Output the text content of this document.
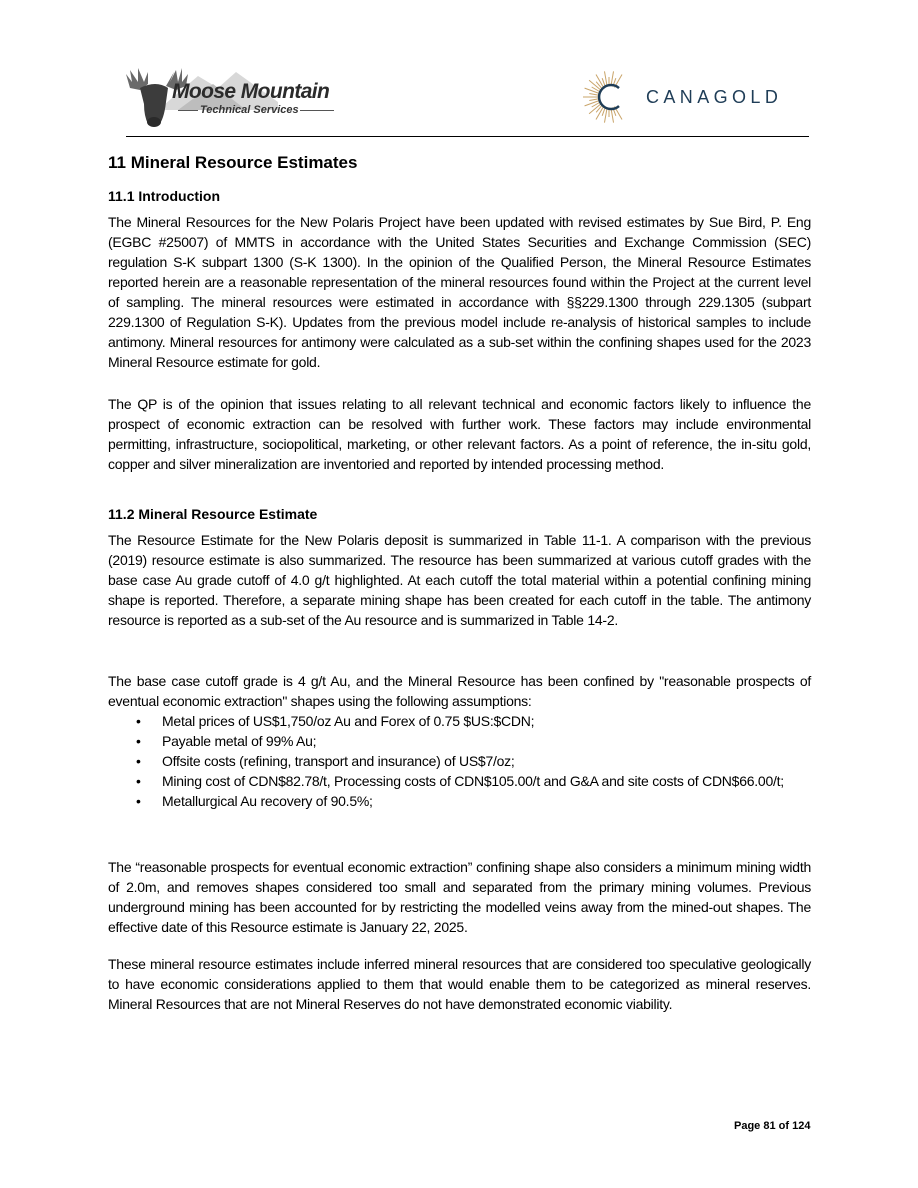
Moose Mountain
Technical Services
CANAGOLD
11 Mineral Resource Estimates
11.1 Introduction

The Mineral Resources for the New Polaris Project have been updated with revised estimates by Sue Bird, P. Eng (EGBC #25007) of MMTS in accordance with the United States Securities and Exchange Commission (SEC) regulation S-K subpart 1300 (S-K 1300). In the opinion of the Qualified Person, the Mineral Resource Estimates reported herein are a reasonable representation of the mineral resources found within the Project at the current level of sampling. The mineral resources were estimated in accordance with §§229.1300 through 229.1305 (subpart 229.1300 of Regulation S-K). Updates from the previous model include re-analysis of historical samples to include antimony. Mineral resources for antimony were calculated as a sub-set within the confining shapes used for the 2023 Mineral Resource estimate for gold.

The QP is of the opinion that issues relating to all relevant technical and economic factors likely to influence the prospect of economic extraction can be resolved with further work. These factors may include environmental permitting, infrastructure, sociopolitical, marketing, or other relevant factors. As a point of reference, the in-situ gold, copper and silver mineralization are inventoried and reported by intended processing method.

11.2 Mineral Resource Estimate

The Resource Estimate for the New Polaris deposit is summarized in Table 11-1. A comparison with the previous (2019) resource estimate is also summarized. The resource has been summarized at various cutoff grades with the base case Au grade cutoff of 4.0 g/t highlighted. At each cutoff the total material within a potential confining mining shape is reported. Therefore, a separate mining shape has been created for each cutoff in the table. The antimony resource is reported as a sub-set of the Au resource and is summarized in Table 14-2.

The base case cutoff grade is 4 g/t Au, and the Mineral Resource has been confined by "reasonable prospects of eventual economic extraction" shapes using the following assumptions:

• Metal prices of US$1,750/oz Au and Forex of 0.75 $US:$CDN;
• Payable metal of 99% Au;
• Offsite costs (refining, transport and insurance) of US$7/oz;
• Mining cost of CDN$82.78/t, Processing costs of CDN$105.00/t and G&A and site costs of CDN$66.00/t;
• Metallurgical Au recovery of 90.5%;

The “reasonable prospects for eventual economic extraction” confining shape also considers a minimum mining width of 2.0m, and removes shapes considered too small and separated from the primary mining volumes. Previous underground mining has been accounted for by restricting the modelled veins away from the mined-out shapes. The effective date of this Resource estimate is January 22, 2025.

These mineral resource estimates include inferred mineral resources that are considered too speculative geologically to have economic considerations applied to them that would enable them to be categorized as mineral reserves. Mineral Resources that are not Mineral Reserves do not have demonstrated economic viability.

Page 81 of 124
